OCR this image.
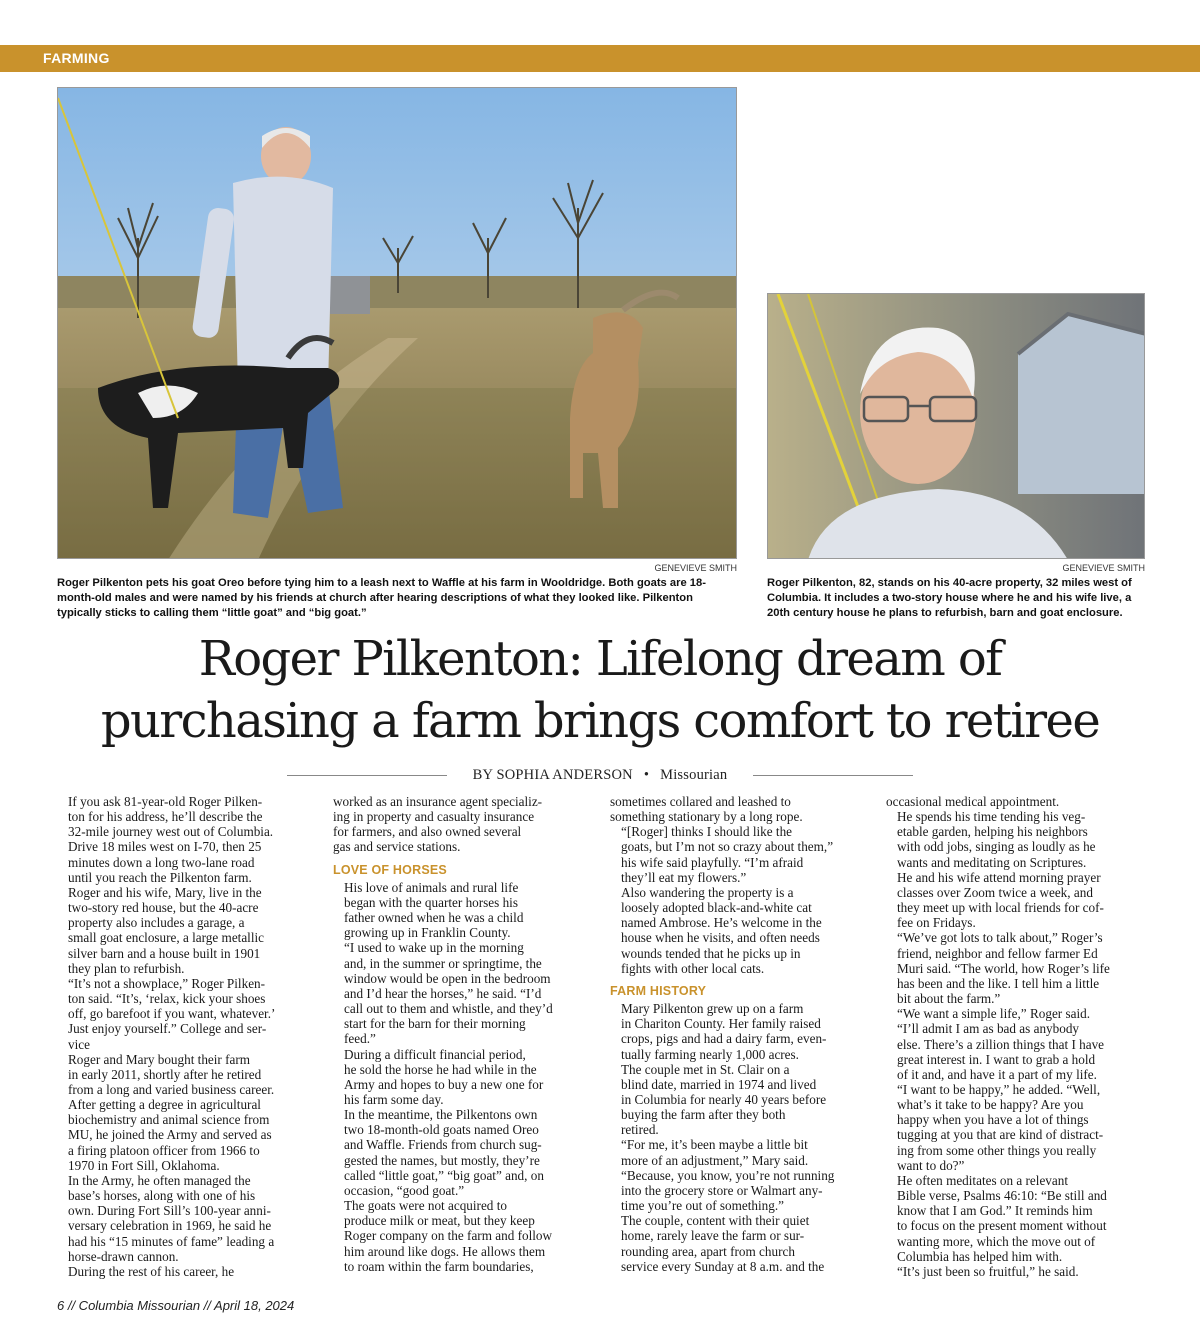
FARMING
GENEVIEVE SMITH
Roger Pilkenton pets his goat Oreo before tying him to a leash next to Waffle at his farm in Wooldridge. Both goats are 18-month-old males and were named by his friends at church after hearing descriptions of what they looked like. Pilkenton typically sticks to calling them “little goat” and “big goat.”
GENEVIEVE SMITH
Roger Pilkenton, 82, stands on his 40-acre property, 32 miles west of Columbia. It includes a two-story house where he and his wife live, a 20th century house he plans to refurbish, barn and goat enclosure.
Roger Pilkenton: Lifelong dream of
purchasing a farm brings comfort to retiree
BY SOPHIA ANDERSON • Missourian

If you ask 81-year-old Roger Pilken-
ton for his address, he’ll describe the
32-mile journey west out of Columbia.

Drive 18 miles west on I-70, then 25
minutes down a long two-lane road
until you reach the Pilkenton farm.

Roger and his wife, Mary, live in the
two-story red house, but the 40-acre
property also includes a garage, a
small goat enclosure, a large metallic
silver barn and a house built in 1901
they plan to refurbish.

“It’s not a showplace,” Roger Pilken-
ton said. “It’s, ‘relax, kick your shoes
off, go barefoot if you want, whatever.’
Just enjoy yourself.” College and ser-
vice

Roger and Mary bought their farm
in early 2011, shortly after he retired
from a long and varied business career.
After getting a degree in agricultural
biochemistry and animal science from
MU, he joined the Army and served as
a firing platoon officer from 1966 to
1970 in Fort Sill, Oklahoma.

In the Army, he often managed the
base’s horses, along with one of his
own. During Fort Sill’s 100-year anni-
versary celebration in 1969, he said he
had his “15 minutes of fame” leading a
horse-drawn cannon.

During the rest of his career, he

worked as an insurance agent specializ-
ing in property and casualty insurance
for farmers, and also owned several
gas and service stations.

LOVE OF HORSES

His love of animals and rural life
began with the quarter horses his
father owned when he was a child
growing up in Franklin County.

“I used to wake up in the morning
and, in the summer or springtime, the
window would be open in the bedroom
and I’d hear the horses,” he said. “I’d
call out to them and whistle, and they’d
start for the barn for their morning
feed.”

During a difficult financial period,
he sold the horse he had while in the
Army and hopes to buy a new one for
his farm some day.

In the meantime, the Pilkentons own
two 18-month-old goats named Oreo
and Waffle. Friends from church sug-
gested the names, but mostly, they’re
called “little goat,” “big goat” and, on
occasion, “good goat.”

The goats were not acquired to
produce milk or meat, but they keep
Roger company on the farm and follow
him around like dogs. He allows them
to roam within the farm boundaries,

sometimes collared and leashed to
something stationary by a long rope.

“[Roger] thinks I should like the
goats, but I’m not so crazy about them,”
his wife said playfully. “I’m afraid
they’ll eat my flowers.”

Also wandering the property is a
loosely adopted black-and-white cat
named Ambrose. He’s welcome in the
house when he visits, and often needs
wounds tended that he picks up in
fights with other local cats.

FARM HISTORY

Mary Pilkenton grew up on a farm
in Chariton County. Her family raised
crops, pigs and had a dairy farm, even-
tually farming nearly 1,000 acres.

The couple met in St. Clair on a
blind date, married in 1974 and lived
in Columbia for nearly 40 years before
buying the farm after they both
retired.

“For me, it’s been maybe a little bit
more of an adjustment,” Mary said.
“Because, you know, you’re not running
into the grocery store or Walmart any-
time you’re out of something.”

The couple, content with their quiet
home, rarely leave the farm or sur-
rounding area, apart from church
service every Sunday at 8 a.m. and the

occasional medical appointment.

He spends his time tending his veg-
etable garden, helping his neighbors
with odd jobs, singing as loudly as he
wants and meditating on Scriptures.
He and his wife attend morning prayer
classes over Zoom twice a week, and
they meet up with local friends for cof-
fee on Fridays.

“We’ve got lots to talk about,” Roger’s
friend, neighbor and fellow farmer Ed
Muri said. “The world, how Roger’s life
has been and the like. I tell him a little
bit about the farm.”

“We want a simple life,” Roger said.
“I’ll admit I am as bad as anybody
else. There’s a zillion things that I have
great interest in. I want to grab a hold
of it and, and have it a part of my life.

“I want to be happy,” he added. “Well,
what’s it take to be happy? Are you
happy when you have a lot of things
tugging at you that are kind of distract-
ing from some other things you really
want to do?”

He often meditates on a relevant
Bible verse, Psalms 46:10: “Be still and
know that I am God.” It reminds him
to focus on the present moment without
wanting more, which the move out of
Columbia has helped him with.

“It’s just been so fruitful,” he said.

6 // Columbia Missourian // April 18, 2024
